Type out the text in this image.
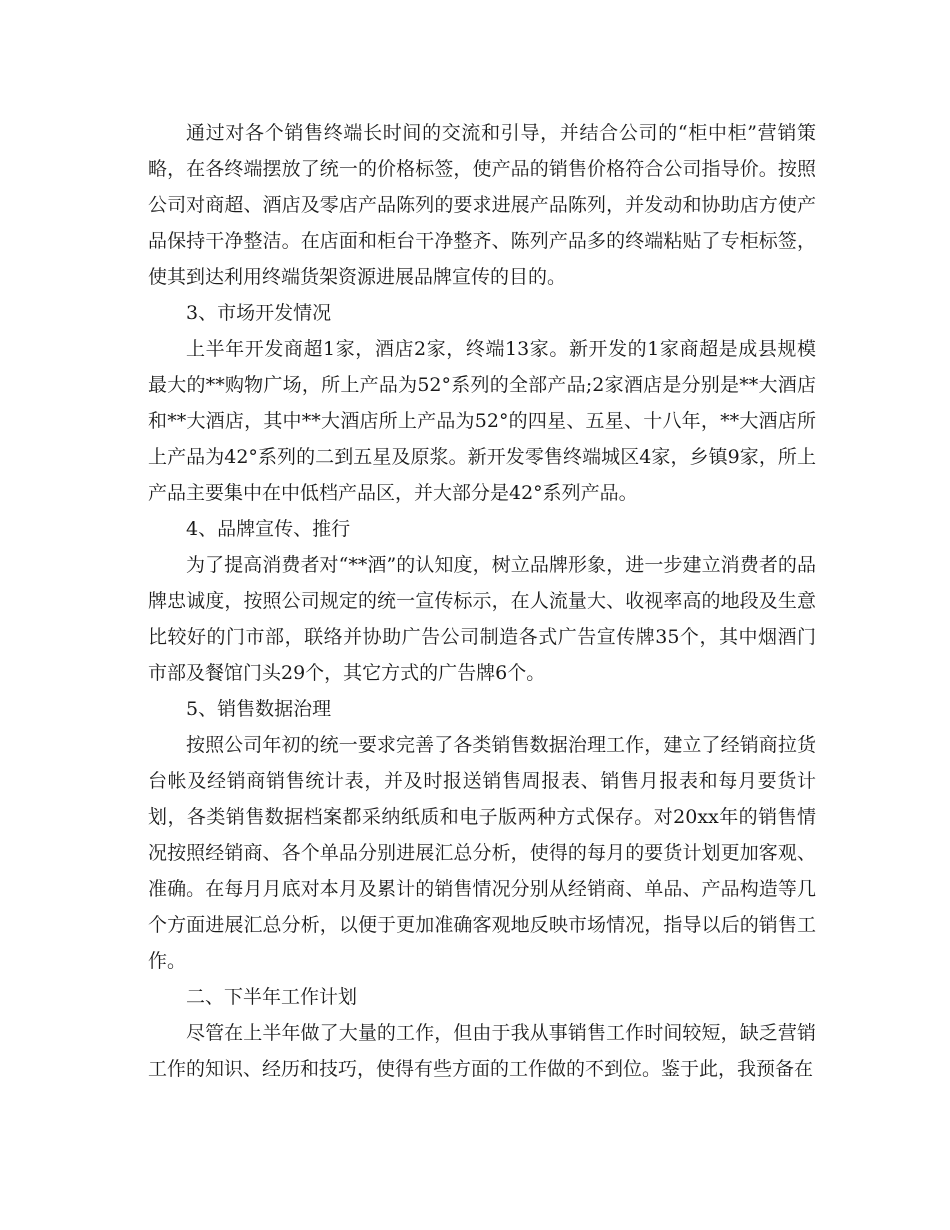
通过对各个销售终端长时间的交流和引导，并结合公司的“柜中柜”营销策略，在各终端摆放了统一的价格标签，使产品的销售价格符合公司指导价。按照公司对商超、酒店及零店产品陈列的要求进展产品陈列，并发动和协助店方使产品保持干净整洁。在店面和柜台干净整齐、陈列产品多的终端粘贴了专柜标签，使其到达利用终端货架资源进展品牌宣传的目的。

3、市场开发情况

上半年开发商超1家，酒店2家，终端13家。新开发的1家商超是成县规模最大的**购物广场，所上产品为52°系列的全部产品;2家酒店是分别是**大酒店和**大酒店，其中**大酒店所上产品为52°的四星、五星、十八年，**大酒店所上产品为42°系列的二到五星及原浆。新开发零售终端城区4家，乡镇9家，所上产品主要集中在中低档产品区，并大部分是42°系列产品。

4、品牌宣传、推行

为了提高消费者对“**酒”的认知度，树立品牌形象，进一步建立消费者的品牌忠诚度，按照公司规定的统一宣传标示，在人流量大、收视率高的地段及生意比较好的门市部，联络并协助广告公司制造各式广告宣传牌35个，其中烟酒门市部及餐馆门头29个，其它方式的广告牌6个。

5、销售数据治理

按照公司年初的统一要求完善了各类销售数据治理工作，建立了经销商拉货台帐及经销商销售统计表，并及时报送销售周报表、销售月报表和每月要货计划，各类销售数据档案都采纳纸质和电子版两种方式保存。对20xx年的销售情况按照经销商、各个单品分别进展汇总分析，使得的每月的要货计划更加客观、准确。在每月月底对本月及累计的销售情况分别从经销商、单品、产品构造等几个方面进展汇总分析，以便于更加准确客观地反映市场情况，指导以后的销售工作。

二、下半年工作计划

尽管在上半年做了大量的工作，但由于我从事销售工作时间较短，缺乏营销工作的知识、经历和技巧，使得有些方面的工作做的不到位。鉴于此，我预备在
